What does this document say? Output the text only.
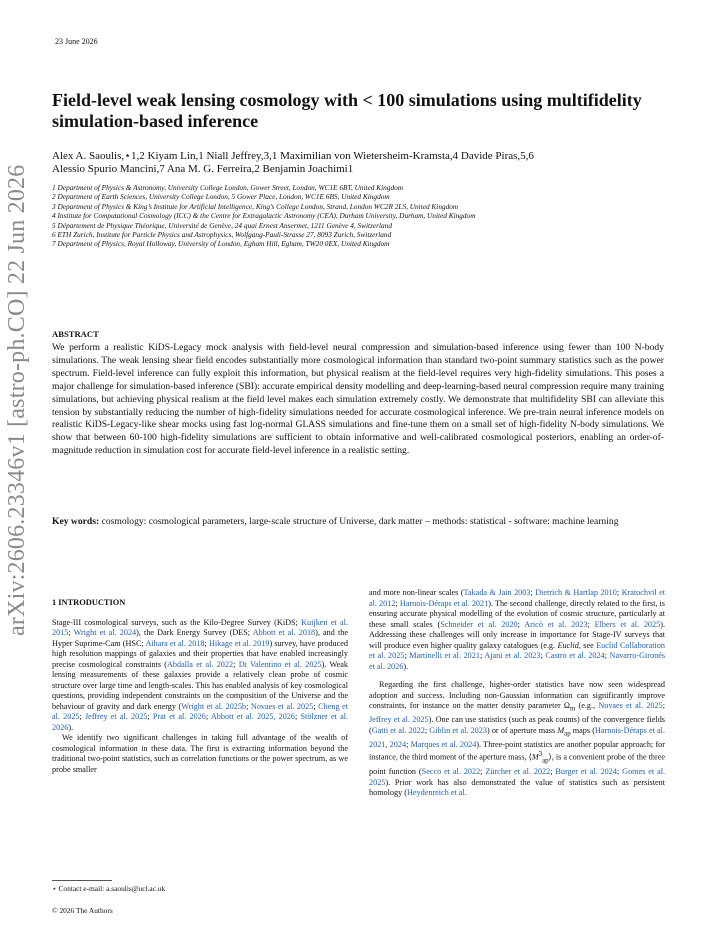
23 June 2026
arXiv:2606.23346v1 [astro-ph.CO] 22 Jun 2026
Field-level weak lensing cosmology with < 100 simulations using multifidelity simulation-based inference
Alex A. Saoulis,⋆1,2 Kiyam Lin,1 Niall Jeffrey,3,1 Maximilian von Wietersheim-Kramsta,4 Davide Piras,5,6
Alessio Spurio Mancini,7 Ana M. G. Ferreira,2 Benjamin Joachimi1
1 Department of Physics & Astronomy, University College London, Gower Street, London, WC1E 6BT, United Kingdom
2 Department of Earth Sciences, University College London, 5 Gower Place, London, WC1E 6BS, United Kingdom
3 Department of Physics & King’s Institute for Artificial Intelligence, King’s College London, Strand, London WC2R 2LS, United Kingdom
4 Institute for Computational Cosmology (ICC) & the Centre for Extragalactic Astronomy (CEA), Durham University, Durham, United Kingdom
5 Département de Physique Théorique, Université de Genève, 24 quai Ernest Ansermet, 1211 Genève 4, Switzerland
6 ETH Zurich, Institute for Particle Physics and Astrophysics, Wolfgang-Pauli-Strasse 27, 8093 Zurich, Switzerland
7 Department of Physics, Royal Holloway, University of London, Egham Hill, Egham, TW20 0EX, United Kingdom
ABSTRACT
We perform a realistic KiDS-Legacy mock analysis with field-level neural compression and simulation-based inference using fewer than 100 N-body simulations. The weak lensing shear field encodes substantially more cosmological information than standard two-point summary statistics such as the power spectrum. Field-level inference can fully exploit this information, but physical realism at the field-level requires very high-fidelity simulations. This poses a major challenge for simulation-based inference (SBI): accurate empirical density modelling and deep-learning-based neural compression require many training simulations, but achieving physical realism at the field level makes each simulation extremely costly. We demonstrate that multifidelity SBI can alleviate this tension by substantially reducing the number of high-fidelity simulations needed for accurate cosmological inference. We pre-train neural inference models on realistic KiDS-Legacy-like shear mocks using fast log-normal GLASS simulations and fine-tune them on a small set of high-fidelity N-body simulations. We show that between 60-100 high-fidelity simulations are sufficient to obtain informative and well-calibrated cosmological posteriors, enabling an order-of-magnitude reduction in simulation cost for accurate field-level inference in a realistic setting.
Key words: cosmology: cosmological parameters, large-scale structure of Universe, dark matter – methods: statistical - software: machine learning
1 INTRODUCTION

Stage-III cosmological surveys, such as the Kilo-Degree Survey (KiDS; Kuijken et al. 2015; Wright et al. 2024), the Dark Energy Survey (DES; Abbott et al. 2018), and the Hyper Suprime-Cam (HSC; Aihara et al. 2018; Hikage et al. 2019) survey, have produced high resolution mappings of galaxies and their properties that have enabled increasingly precise cosmological constraints (Abdalla et al. 2022; Di Valentino et al. 2025). Weak lensing measurements of these galaxies provide a relatively clean probe of cosmic structure over large time and length-scales. This has enabled analysis of key cosmological questions, providing independent constraints on the composition of the Universe and the behaviour of gravity and dark energy (Wright et al. 2025b; Novaes et al. 2025; Cheng et al. 2025; Jeffrey et al. 2025; Prat et al. 2026; Abbott et al. 2025, 2026; Stölzner et al. 2026).

We identify two significant challenges in taking full advantage of the wealth of cosmological information in these data. The first is extracting information beyond the traditional two-point statistics, such as correlation functions or the power spectrum, as we probe smaller

and more non-linear scales (Takada & Jain 2003; Dietrich & Hartlap 2010; Kratochvil et al. 2012; Harnois-Déraps et al. 2021). The second challenge, directly related to the first, is ensuring accurate physical modelling of the evolution of cosmic structure, particularly at these small scales (Schneider et al. 2020; Aricò et al. 2023; Elbers et al. 2025). Addressing these challenges will only increase in importance for Stage-IV surveys that will produce even higher quality galaxy catalogues (e.g. Euclid, see Euclid Collaboration et al. 2025; Martinelli et al. 2021; Ajani et al. 2023; Castro et al. 2024; Navarro-Gironés et al. 2026).

Regarding the first challenge, higher-order statistics have now seen widespread adoption and success. Including non-Gaussian information can significantly improve constraints, for instance on the matter density parameter $\Omega_m$ (e.g., Novaes et al. 2025; Jeffrey et al. 2025). One can use statistics (such as peak counts) of the convergence fields (Gatti et al. 2022; Giblin et al. 2023) or of aperture mass $M_{ap}$ maps (Harnois-Déraps et al. 2021, 2024; Marques et al. 2024). Three-point statistics are another popular approach; for instance, the third moment of the aperture mass, $⟨M^3_{ap}⟩$, is a convenient probe of the three point function (Secco et al. 2022; Zürcher et al. 2022; Burger et al. 2024; Gomes et al. 2025). Prior work has also demonstrated the value of statistics such as persistent homology (Heydenreich et al.

⋆ Contact e-mail: a.saoulis@ucl.ac.uk
© 2026 The Authors
